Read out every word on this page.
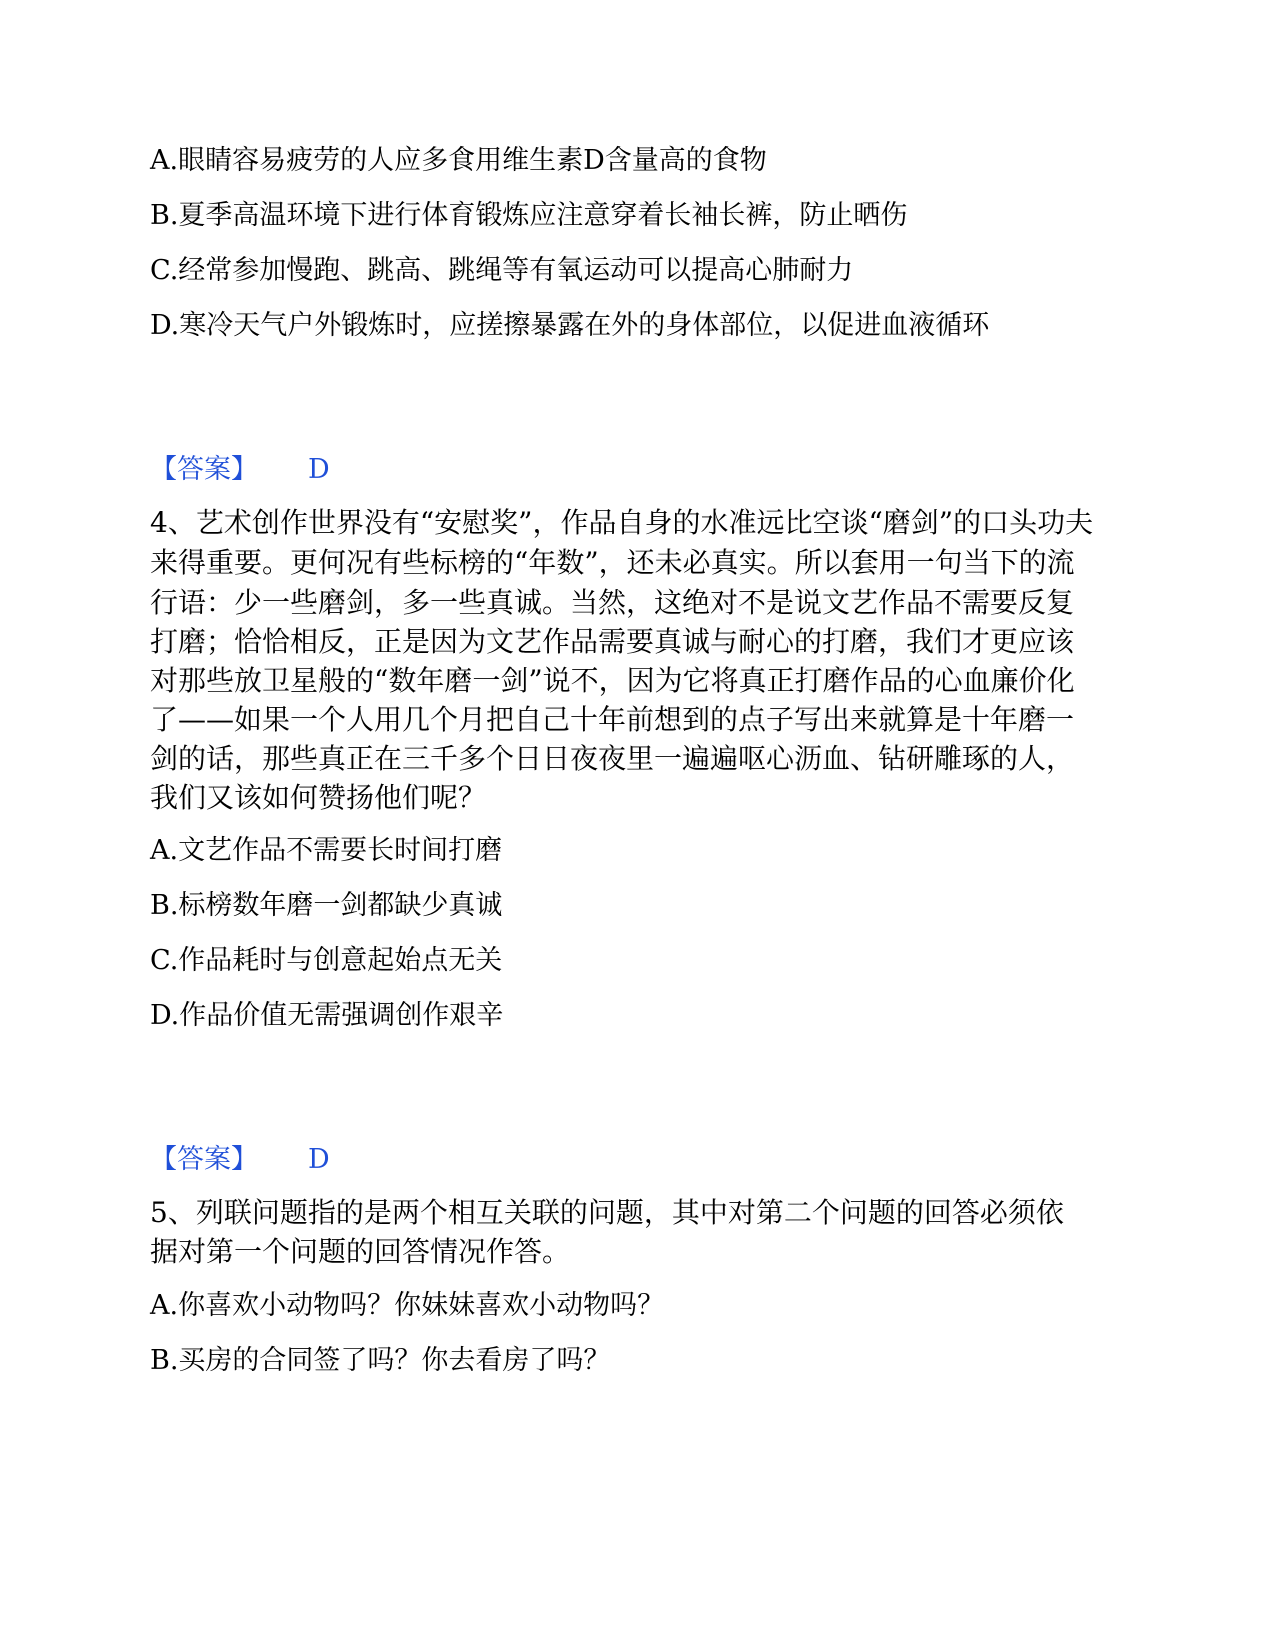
A.眼睛容易疲劳的人应多食用维生素D含量高的食物
B.夏季高温环境下进行体育锻炼应注意穿着长袖长裤，防止晒伤
C.经常参加慢跑、跳高、跳绳等有氧运动可以提高心肺耐力
D.寒冷天气户外锻炼时，应搓擦暴露在外的身体部位，以促进血液循环
【答案】 D
4、艺术创作世界没有“安慰奖”，作品自身的水准远比空谈“磨剑”的口头功夫
来得重要。更何况有些标榜的“年数”，还未必真实。所以套用一句当下的流
行语：少一些磨剑，多一些真诚。当然，这绝对不是说文艺作品不需要反复
打磨；恰恰相反，正是因为文艺作品需要真诚与耐心的打磨，我们才更应该
对那些放卫星般的“数年磨一剑”说不，因为它将真正打磨作品的心血廉价化
了——如果一个人用几个月把自己十年前想到的点子写出来就算是十年磨一
剑的话，那些真正在三千多个日日夜夜里一遍遍呕心沥血、钻研雕琢的人，
我们又该如何赞扬他们呢？
A.文艺作品不需要长时间打磨
B.标榜数年磨一剑都缺少真诚
C.作品耗时与创意起始点无关
D.作品价值无需强调创作艰辛
【答案】 D
5、列联问题指的是两个相互关联的问题，其中对第二个问题的回答必须依
据对第一个问题的回答情况作答。
A.你喜欢小动物吗？你妹妹喜欢小动物吗？
B.买房的合同签了吗？你去看房了吗？
